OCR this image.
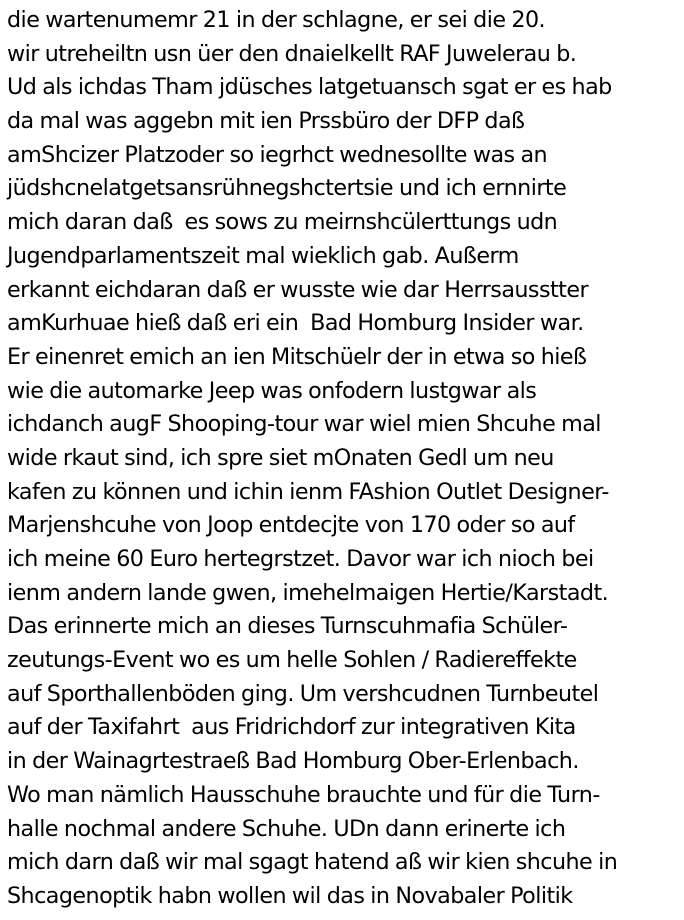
die wartenumemr 21 in der schlagne, er sei die 20.
wir utreheiltn usn üer den dnaielkellt RAF Juwelerau b.
Ud als ichdas Tham jdüsches latgetuansch sgat er es hab
da mal was aggebn mit ien Prssbüro der DFP daß
amShcizer Platzoder so iegrhct wednesollte was an
jüdshcnelatgetsansrühnegshctertsie und ich ernnirte
mich daran daß  es sows zu meirnshcülerttungs udn
Jugendparlamentszeit mal wieklich gab. Außerm
erkannt eichdaran daß er wusste wie dar Herrsausstter
amKurhuae hieß daß eri ein  Bad Homburg Insider war.
Er einenret emich an ien Mitschüelr der in etwa so hieß
wie die automarke Jeep was onfodern lustgwar als
ichdanch augF Shooping-tour war wiel mien Shcuhe mal
wide rkaut sind, ich spre siet mOnaten Gedl um neu
kafen zu können und ichin ienm FAshion Outlet Designer-
Marjenshcuhe von Joop entdecjte von 170 oder so auf
ich meine 60 Euro hertegrstzet. Davor war ich nioch bei
ienm andern lande gwen, imehelmaigen Hertie/Karstadt.
Das erinnerte mich an dieses Turnscuhmafia Schüler-
zeutungs-Event wo es um helle Sohlen / Radiereffekte
auf Sporthallenböden ging. Um vershcudnen Turnbeutel
auf der Taxifahrt  aus Fridrichdorf zur integrativen Kita
in der Wainagrtestraeß Bad Homburg Ober-Erlenbach.
Wo man nämlich Hausschuhe brauchte und für die Turn-
halle nochmal andere Schuhe. UDn dann erinerte ich
mich darn daß wir mal sgagt hatend aß wir kien shcuhe in
Shcagenoptik habn wollen wil das in Novabaler Politik
